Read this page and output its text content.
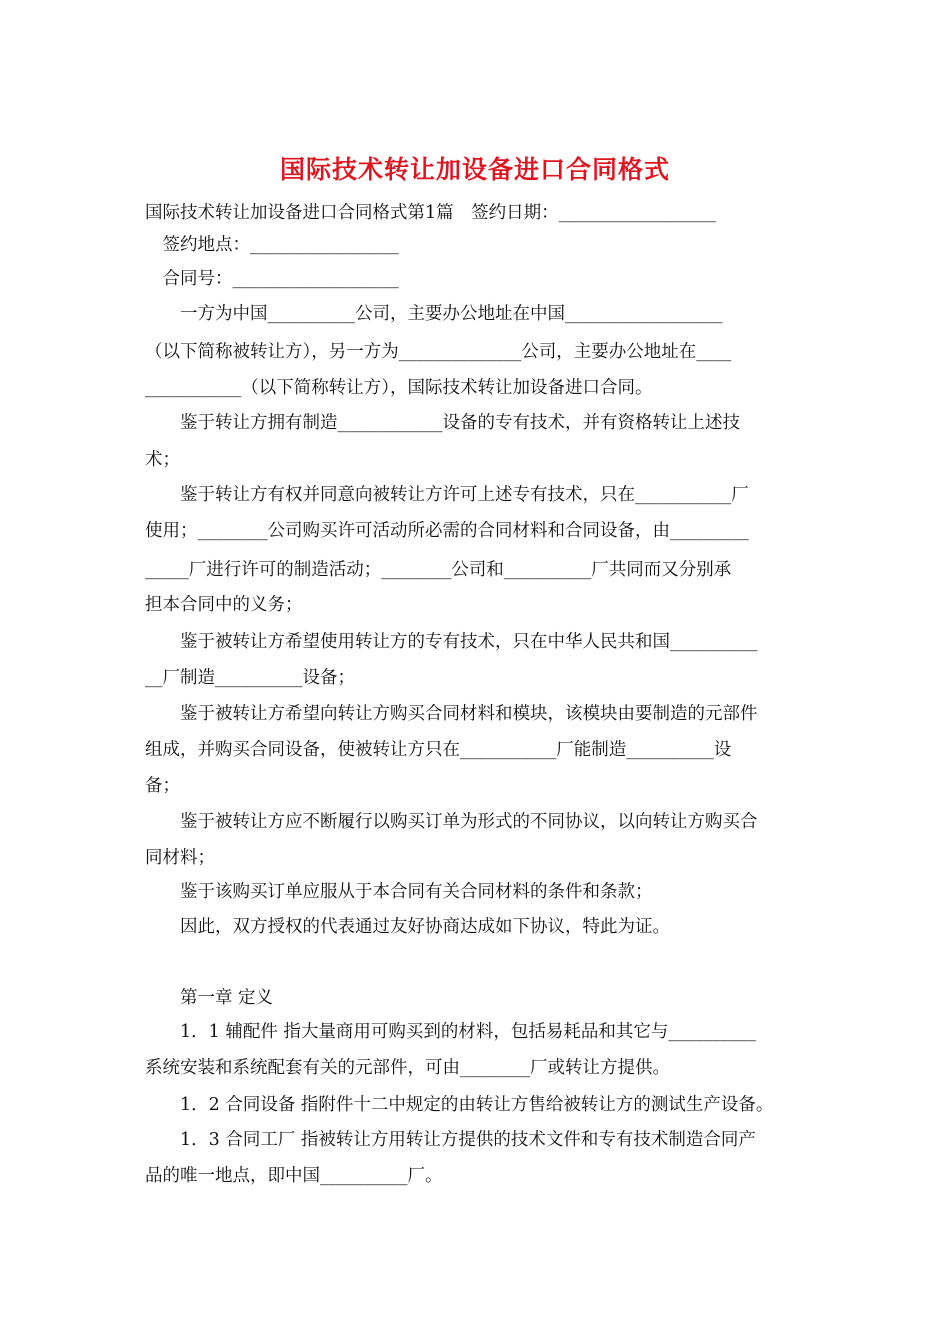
国际技术转让加设备进口合同格式
国际技术转让加设备进口合同格式第1篇　签约日期：__________________
　签约地点：_________________
　合同号：___________________
　　一方为中国__________公司，主要办公地址在中国__________________
（以下简称被转让方），另一方为______________公司，主要办公地址在____
___________（以下简称转让方），国际技术转让加设备进口合同。
　　鉴于转让方拥有制造____________设备的专有技术，并有资格转让上述技
术；
　　鉴于转让方有权并同意向被转让方许可上述专有技术，只在___________厂
使用；________公司购买许可活动所必需的合同材料和合同设备，由_________
_____厂进行许可的制造活动；________公司和__________厂共同而又分别承
担本合同中的义务；
　　鉴于被转让方希望使用转让方的专有技术，只在中华人民共和国__________
__厂制造__________设备；
　　鉴于被转让方希望向转让方购买合同材料和模块，该模块由要制造的元部件
组成，并购买合同设备，使被转让方只在___________厂能制造__________设
备；
　　鉴于被转让方应不断履行以购买订单为形式的不同协议，以向转让方购买合
同材料；
　　鉴于该购买订单应服从于本合同有关合同材料的条件和条款；
　　因此，双方授权的代表通过友好协商达成如下协议，特此为证。
　　第一章 定义
　　1．1 辅配件 指大量商用可购买到的材料，包括易耗品和其它与__________
系统安装和系统配套有关的元部件，可由________厂或转让方提供。
　　1．2 合同设备 指附件十二中规定的由转让方售给被转让方的测试生产设备。
　　1．3 合同工厂 指被转让方用转让方提供的技术文件和专有技术制造合同产
品的唯一地点，即中国__________厂。
